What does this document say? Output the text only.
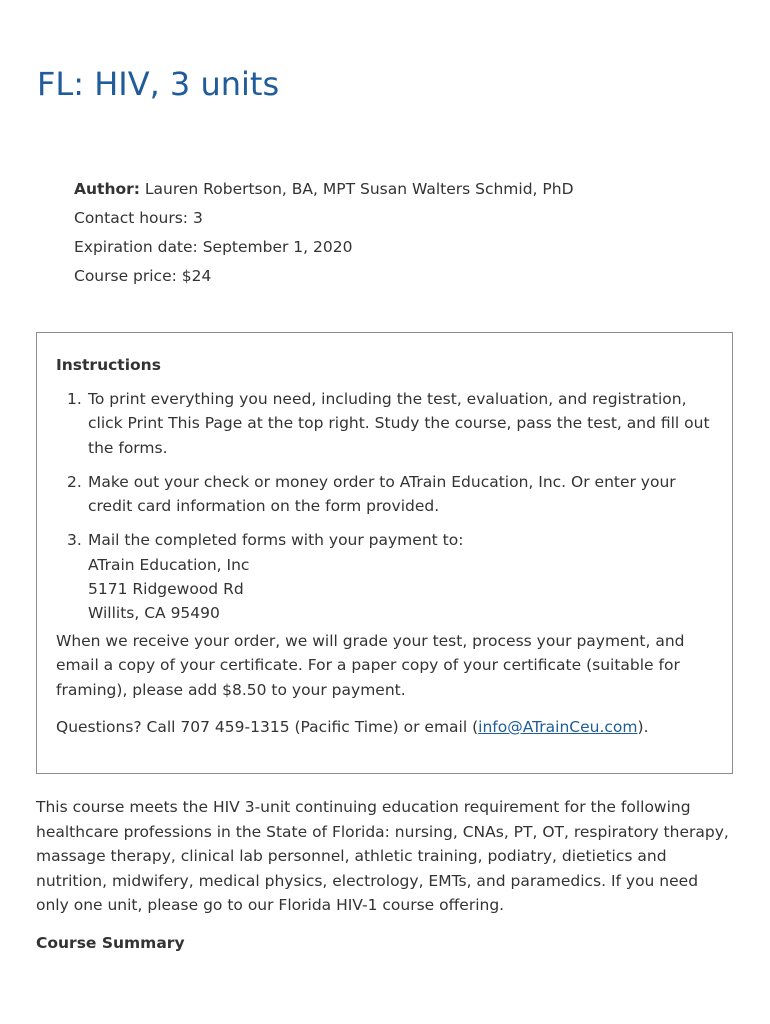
FL: HIV, 3 units
Author: Lauren Robertson, BA, MPT Susan Walters Schmid, PhD
Contact hours: 3
Expiration date: September 1, 2020
Course price: $24
Instructions
1. To print everything you need, including the test, evaluation, and registration, click Print This Page at the top right. Study the course, pass the test, and fill out the forms.
2. Make out your check or money order to ATrain Education, Inc. Or enter your credit card information on the form provided.
3. Mail the completed forms with your payment to:
ATrain Education, Inc
5171 Ridgewood Rd
Willits, CA 95490

When we receive your order, we will grade your test, process your payment, and email a copy of your certificate. For a paper copy of your certificate (suitable for framing), please add $8.50 to your payment.

Questions? Call 707 459-1315 (Pacific Time) or email (info@ATrainCeu.com).

This course meets the HIV 3-unit continuing education requirement for the following healthcare professions in the State of Florida: nursing, CNAs, PT, OT, respiratory therapy, massage therapy, clinical lab personnel, athletic training, podiatry, dietietics and nutrition, midwifery, medical physics, electrology, EMTs, and paramedics. If you need only one unit, please go to our Florida HIV-1 course offering.

Course Summary
